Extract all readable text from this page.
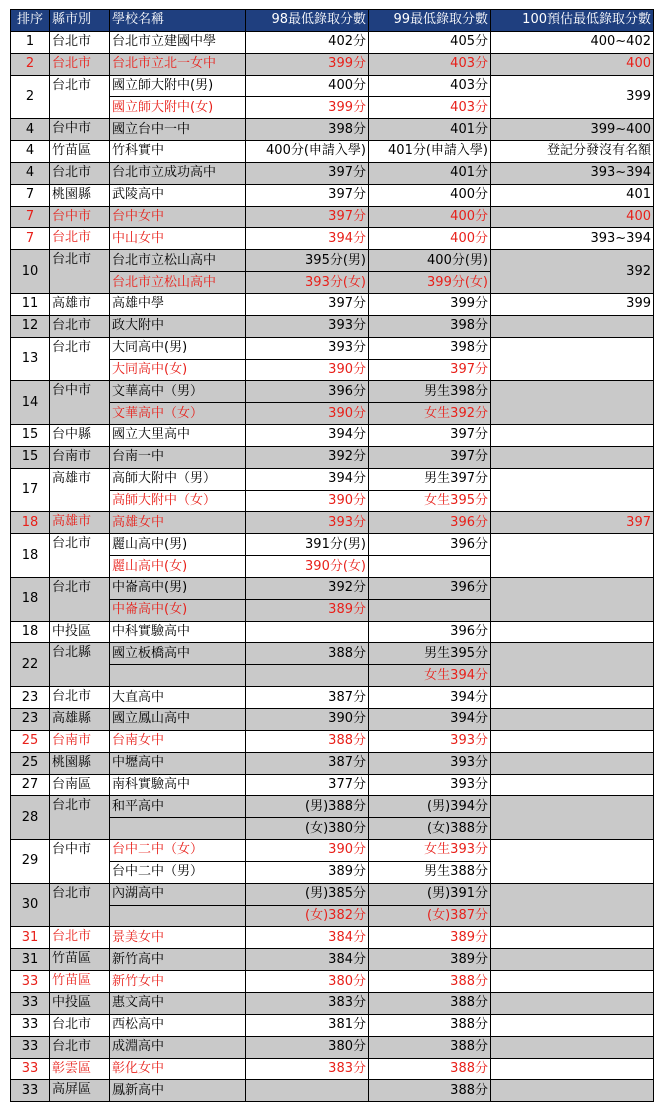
排序	縣市別	學校名稱	98最低錄取分數	99最低錄取分數	100預估最低錄取分數
1	台北市	台北市立建國中學	402分	405分	400~402
2	台北市	台北市立北一女中	399分	403分	400
2	台北市	國立師大附中(男)	400分	403分	399
		國立師大附中(女)	399分	403分	
4	台中市	國立台中一中	398分	401分	399~400
4	竹苗區	竹科實中	400分(申請入學)	401分(申請入學)	登記分發沒有名額
4	台北市	台北市立成功高中	397分	401分	393~394
7	桃園縣	武陵高中	397分	400分	401
7	台中市	台中女中	397分	400分	400
7	台北市	中山女中	394分	400分	393~394
10	台北市	台北市立松山高中	395分(男)	400分(男)	392
		台北市立松山高中	393分(女)	399分(女)	
11	高雄市	高雄中學	397分	399分	399
12	台北市	政大附中	393分	398分	
13	台北市	大同高中(男)	393分	398分	
		大同高中(女)	390分	397分	
14	台中市	文華高中（男）	396分	男生398分	
		文華高中（女）	390分	女生392分	
15	台中縣	國立大里高中	394分	397分	
15	台南市	台南一中	392分	397分	
17	高雄市	高師大附中（男）	394分	男生397分	
		高師大附中（女）	390分	女生395分	
18	高雄市	高雄女中	393分	396分	397
18	台北市	麗山高中(男)	391分(男)	396分	
		麗山高中(女)	390分(女)		
18	台北市	中崙高中(男)	392分	396分	
		中崙高中(女)	389分		
18	中投區	中科實驗高中		396分	
22	台北縣	國立板橋高中	388分	男生395分	
				女生394分	
23	台北市	大直高中	387分	394分	
23	高雄縣	國立鳳山高中	390分	394分	
25	台南市	台南女中	388分	393分	
25	桃園縣	中壢高中	387分	393分	
27	台南區	南科實驗高中	377分	393分	
28	台北市	和平高中	(男)388分	(男)394分	
			(女)380分	(女)388分	
29	台中市	台中二中（女）	390分	女生393分	
		台中二中（男）	389分	男生388分	
30	台北市	內湖高中	(男)385分	(男)391分	
			(女)382分	(女)387分	
31	台北市	景美女中	384分	389分	
31	竹苗區	新竹高中	384分	389分	
33	竹苗區	新竹女中	380分	388分	
33	中投區	惠文高中	383分	388分	
33	台北市	西松高中	381分	388分	
33	台北市	成淵高中	380分	388分	
33	彰雲區	彰化女中	383分	388分	
33	高屏區	鳳新高中		388分	
